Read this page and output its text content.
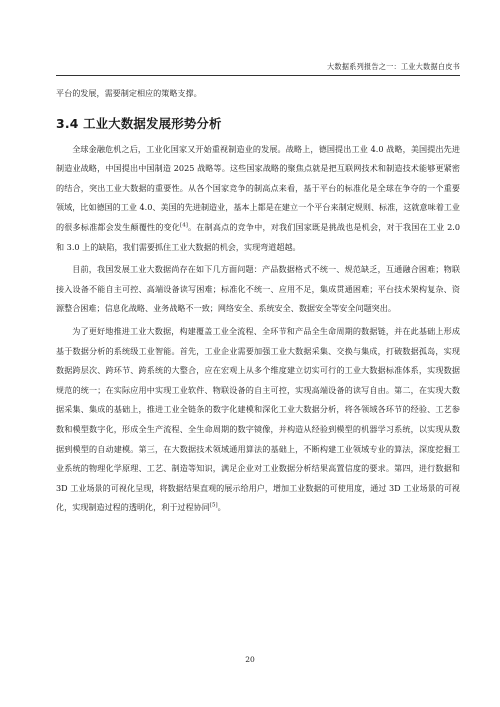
大数据系列报告之一：工业大数据白皮书

平台的发展，需要制定相应的策略支撑。

3.4 工业大数据发展形势分析

全球金融危机之后，工业化国家又开始重视制造业的发展。战略上，德国提出工业 4.0 战略，美国提出先进制造业战略，中国提出中国制造 2025 战略等。这些国家战略的聚焦点就是把互联网技术和制造技术能够更紧密的结合，突出工业大数据的重要性。从各个国家竞争的制高点来看，基于平台的标准化是全球在争夺的一个重要领域，比如德国的工业 4.0、美国的先进制造业，基本上都是在建立一个平台来制定规则、标准，这就意味着工业的很多标准都会发生颠覆性的变化[4]。在制高点的竞争中，对我们国家既是挑战也是机会，对于我国在工业 2.0 和 3.0 上的缺陷，我们需要抓住工业大数据的机会，实现弯道超越。

目前，我国发展工业大数据尚存在如下几方面问题：产品数据格式不统一、规范缺乏，互通融合困难；物联接入设备不能自主可控、高端设备读写困难；标准化不统一、应用不足，集成贯通困难；平台技术架构复杂、资源整合困难；信息化战略、业务战略不一致；网络安全、系统安全、数据安全等安全问题突出。

为了更好地推进工业大数据，构建覆盖工业全流程、全环节和产品全生命周期的数据链，并在此基础上形成基于数据分析的系统级工业智能。首先，工业企业需要加强工业大数据采集、交换与集成，打破数据孤岛，实现数据跨层次、跨环节、跨系统的大整合，应在宏观上从多个维度建立切实可行的工业大数据标准体系，实现数据规范的统一；在实际应用中实现工业软件、物联设备的自主可控，实现高端设备的读写自由。第二，在实现大数据采集、集成的基础上，推进工业全链条的数字化建模和深化工业大数据分析，将各领域各环节的经验、工艺参数和模型数字化，形成全生产流程、全生命周期的数字镜像，并构造从经验到模型的机器学习系统，以实现从数据到模型的自动建模。第三，在大数据技术领域通用算法的基础上，不断构建工业领域专业的算法，深度挖掘工业系统的物理化学原理、工艺、制造等知识，满足企业对工业数据分析结果高置信度的要求。第四，进行数据和 3D 工业场景的可视化呈现，将数据结果直观的展示给用户，增加工业数据的可使用度，通过 3D 工业场景的可视化，实现制造过程的透明化，利于过程协同[5]。

20
